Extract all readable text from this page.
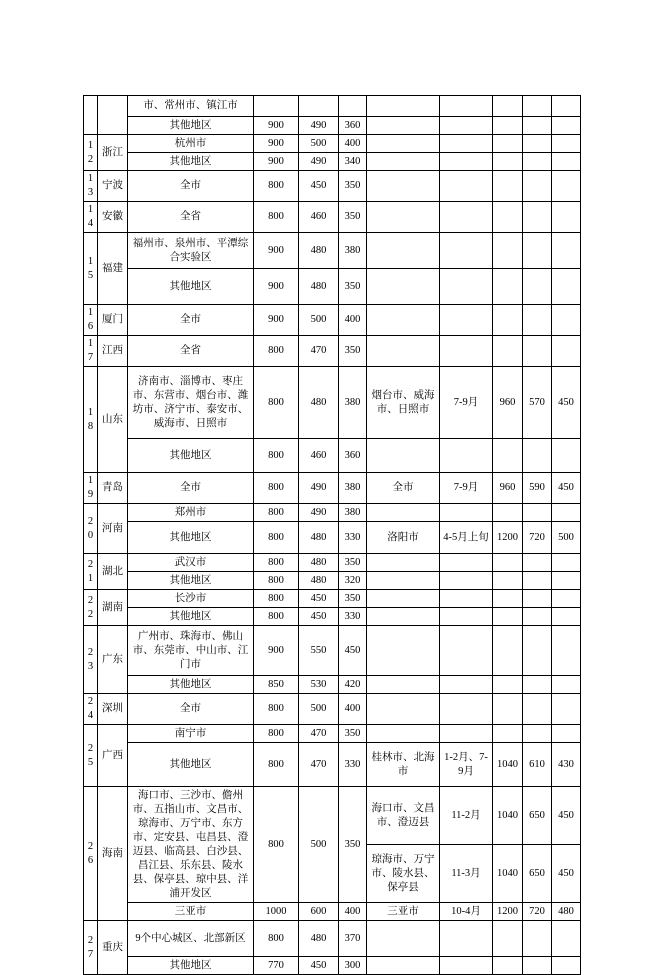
		市、常州市、镇江市								
		其他地区	900	490	360					
12	浙江	杭州市	900	500	400					
		其他地区	900	490	340					
13	宁波	全市	800	450	350					
14	安徽	全省	800	460	350					
15	福建	福州市、泉州市、平潭综合实验区	900	480	380					
		其他地区	900	480	350					
16	厦门	全市	900	500	400					
17	江西	全省	800	470	350					
18	山东	济南市、淄博市、枣庄市、东营市、烟台市、潍坊市、济宁市、泰安市、威海市、日照市	800	480	380	烟台市、威海市、日照市	7-9月	960	570	450
		其他地区	800	460	360					
19	青岛	全市	800	490	380	全市	7-9月	960	590	450
20	河南	郑州市	800	490	380					
		其他地区	800	480	330	洛阳市	4-5月上旬	1200	720	500
21	湖北	武汉市	800	480	350					
		其他地区	800	480	320					
22	湖南	长沙市	800	450	350					
		其他地区	800	450	330					
23	广东	广州市、珠海市、佛山市、东莞市、中山市、江门市	900	550	450					
		其他地区	850	530	420					
24	深圳	全市	800	500	400					
25	广西	南宁市	800	470	350					
		其他地区	800	470	330	桂林市、北海市	1-2月、7-9月	1040	610	430
26	海南	海口市、三沙市、儋州市、五指山市、文昌市、琼海市、万宁市、东方市、定安县、屯昌县、澄迈县、临高县、白沙县、昌江县、乐东县、陵水县、保亭县、琼中县、洋浦开发区	800	500	350	海口市、文昌市、澄迈县	11-2月	1040	650	450
						琼海市、万宁市、陵水县、保亭县	11-3月	1040	650	450
		三亚市	1000	600	400	三亚市	10-4月	1200	720	480
27	重庆	9个中心城区、北部新区	800	480	370					
		其他地区	770	450	300					
